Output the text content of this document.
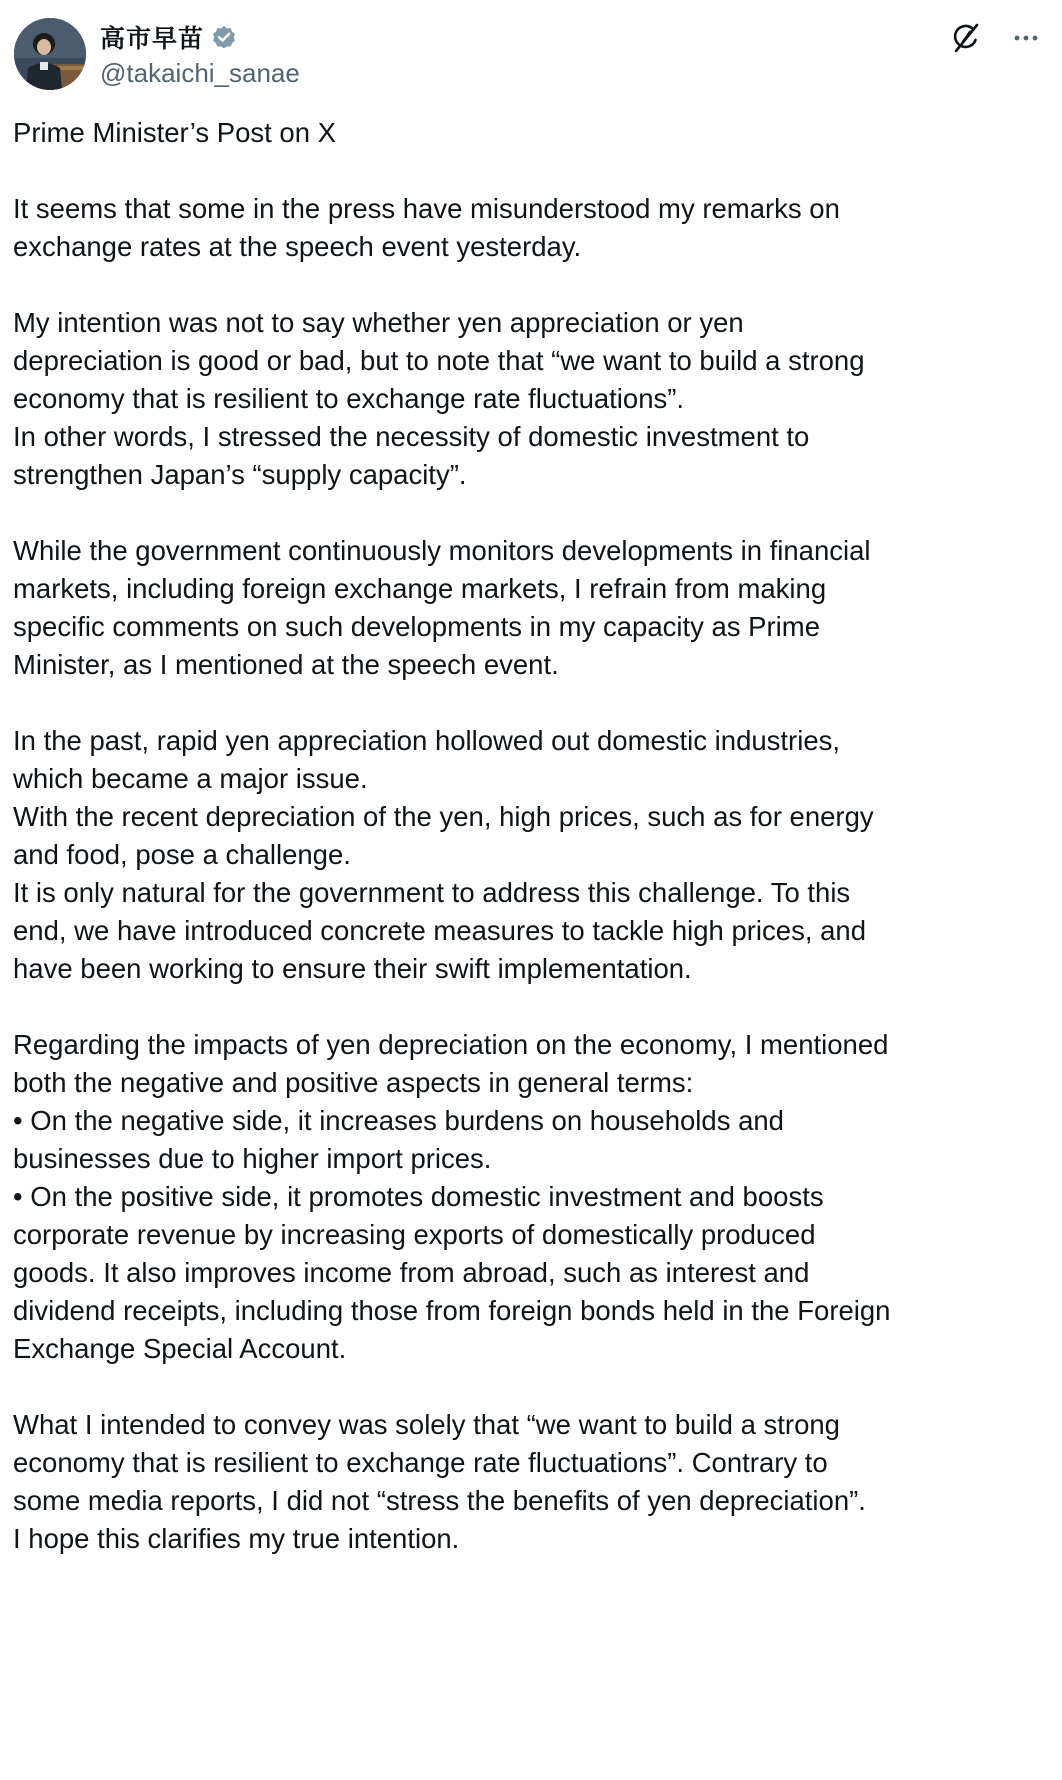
高市早苗
@takaichi_sanae
Prime Minister’s Post on X
It seems that some in the press have misunderstood my remarks on
exchange rates at the speech event yesterday.
My intention was not to say whether yen appreciation or yen
depreciation is good or bad, but to note that “we want to build a strong
economy that is resilient to exchange rate fluctuations”.
In other words, I stressed the necessity of domestic investment to
strengthen Japan’s “supply capacity”.
While the government continuously monitors developments in financial
markets, including foreign exchange markets, I refrain from making
specific comments on such developments in my capacity as Prime
Minister, as I mentioned at the speech event.
In the past, rapid yen appreciation hollowed out domestic industries,
which became a major issue.
With the recent depreciation of the yen, high prices, such as for energy
and food, pose a challenge.
It is only natural for the government to address this challenge. To this
end, we have introduced concrete measures to tackle high prices, and
have been working to ensure their swift implementation.
Regarding the impacts of yen depreciation on the economy, I mentioned
both the negative and positive aspects in general terms:
• On the negative side, it increases burdens on households and
businesses due to higher import prices.
• On the positive side, it promotes domestic investment and boosts
corporate revenue by increasing exports of domestically produced
goods. It also improves income from abroad, such as interest and
dividend receipts, including those from foreign bonds held in the Foreign
Exchange Special Account.
What I intended to convey was solely that “we want to build a strong
economy that is resilient to exchange rate fluctuations”. Contrary to
some media reports, I did not “stress the benefits of yen depreciation”.
I hope this clarifies my true intention.
